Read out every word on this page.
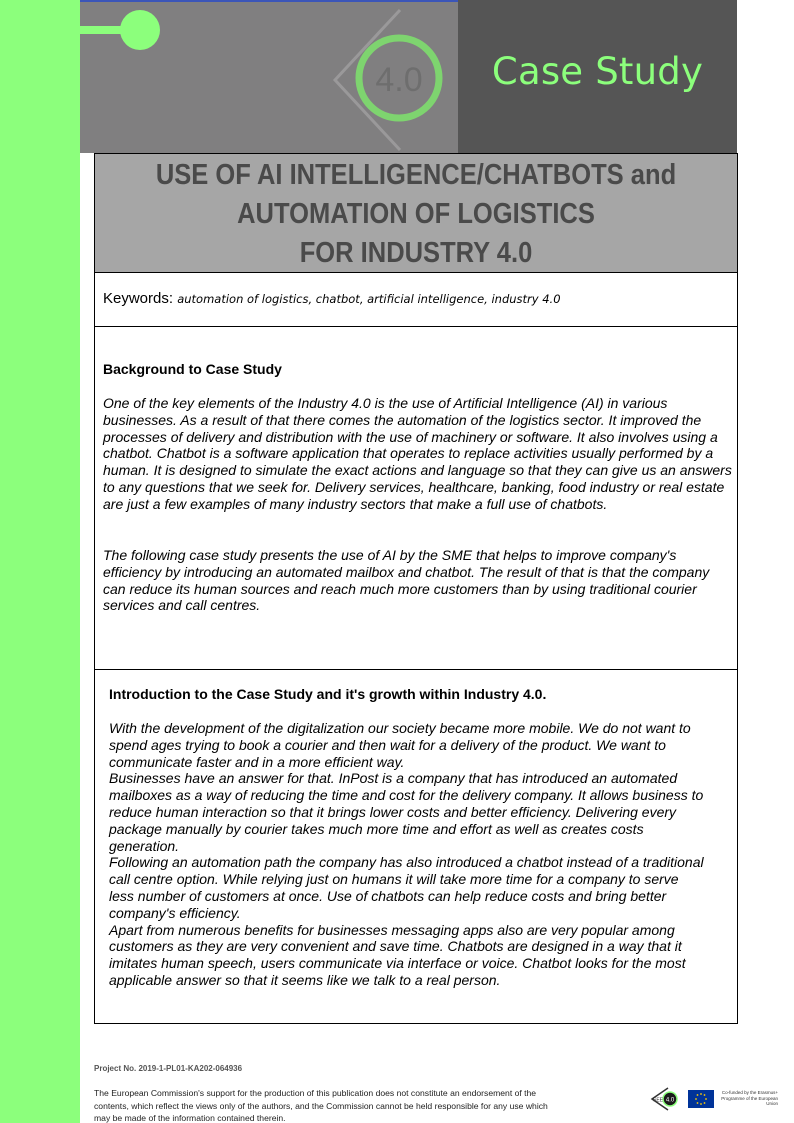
4.0	Case Study
USE OF AI INTELLIGENCE/CHATBOTS and
AUTOMATION OF LOGISTICS
FOR INDUSTRY 4.0
Keywords: automation of logistics, chatbot, artificial intelligence, industry 4.0
Background to Case Study
One of the key elements of the Industry 4.0 is the use of Artificial Intelligence (AI) in various businesses. As a result of that there comes the automation of the logistics sector. It improved the processes of delivery and distribution with the use of machinery or software. It also involves using a chatbot. Chatbot is a software application that operates to replace activities usually performed by a human. It is designed to simulate the exact actions and language so that they can give us an answers to any questions that we seek for. Delivery services, healthcare, banking, food industry or real estate are just a few examples of many industry sectors that make a full use of chatbots.
The following case study presents the use of AI by the SME that helps to improve company's efficiency by introducing an automated mailbox and chatbot. The result of that is that the company can reduce its human sources and reach much more customers than by using traditional courier services and call centres.
Introduction to the Case Study and it's growth within Industry 4.0.

With the development of the digitalization our society became more mobile. We do not want to spend ages trying to book a courier and then wait for a delivery of the product. We want to communicate faster and in a more efficient way.

Businesses have an answer for that. InPost is a company that has introduced an automated mailboxes as a way of reducing the time and cost for the delivery company. It allows business to reduce human interaction so that it brings lower costs and better efficiency. Delivering every package manually by courier takes much more time and effort as well as creates costs generation.

Following an automation path the company has also introduced a chatbot instead of a traditional call centre option. While relying just on humans it will take more time for a company to serve less number of customers at once. Use of chatbots can help reduce costs and bring better company's efficiency.

Apart from numerous benefits for businesses messaging apps also are very popular among customers as they are very convenient and save time. Chatbots are designed in a way that it imitates human speech, users communicate via interface or voice. Chatbot looks for the most applicable answer so that it seems like we talk to a real person.

Project No. 2019-1-PL01-KA202-064936
The European Commission's support for the production of this publication does not constitute an endorsement of the contents, which reflect the views only of the authors, and the Commission cannot be held responsible for any use which may be made of the information contained therein.
4.0
SEE
Co-funded by the Erasmus+ Programme of the European Union
